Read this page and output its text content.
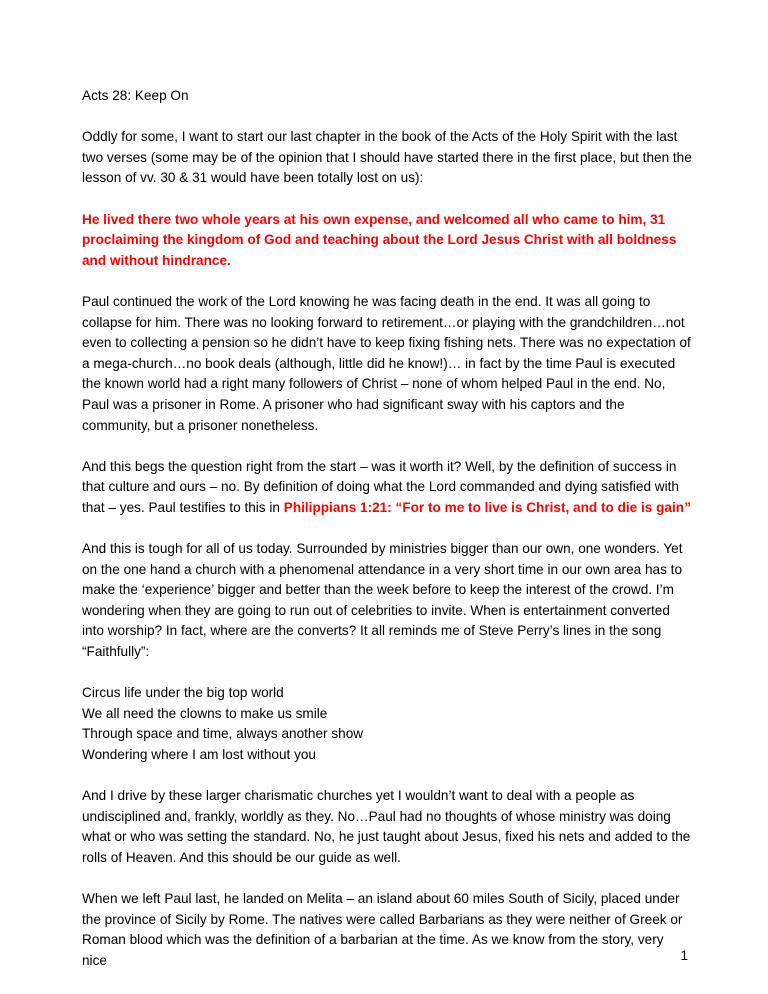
Acts 28: Keep On

Oddly for some, I want to start our last chapter in the book of the Acts of the Holy Spirit with the last two verses (some may be of the opinion that I should have started there in the first place, but then the lesson of vv. 30 & 31 would have been totally lost on us):

He lived there two whole years at his own expense, and welcomed all who came to him, 31 proclaiming the kingdom of God and teaching about the Lord Jesus Christ with all boldness and without hindrance.

Paul continued the work of the Lord knowing he was facing death in the end. It was all going to collapse for him. There was no looking forward to retirement…or playing with the grandchildren…not even to collecting a pension so he didn’t have to keep fixing fishing nets. There was no expectation of a mega-church…no book deals (although, little did he know!)… in fact by the time Paul is executed the known world had a right many followers of Christ – none of whom helped Paul in the end. No, Paul was a prisoner in Rome. A prisoner who had significant sway with his captors and the community, but a prisoner nonetheless.

And this begs the question right from the start – was it worth it? Well, by the definition of success in that culture and ours – no. By definition of doing what the Lord commanded and dying satisfied with that – yes. Paul testifies to this in Philippians 1:21: “For to me to live is Christ, and to die is gain”

And this is tough for all of us today. Surrounded by ministries bigger than our own, one wonders. Yet on the one hand a church with a phenomenal attendance in a very short time in our own area has to make the ‘experience’ bigger and better than the week before to keep the interest of the crowd. I’m wondering when they are going to run out of celebrities to invite. When is entertainment converted into worship? In fact, where are the converts? It all reminds me of Steve Perry’s lines in the song “Faithfully”:

Circus life under the big top world
We all need the clowns to make us smile
Through space and time, always another show
Wondering where I am lost without you

And I drive by these larger charismatic churches yet I wouldn’t want to deal with a people as undisciplined and, frankly, worldly as they. No…Paul had no thoughts of whose ministry was doing what or who was setting the standard. No, he just taught about Jesus, fixed his nets and added to the rolls of Heaven. And this should be our guide as well.

When we left Paul last, he landed on Melita – an island about 60 miles South of Sicily, placed under the province of Sicily by Rome. The natives were called Barbarians as they were neither of Greek or Roman blood which was the definition of a barbarian at the time. As we know from the story, very nice	1
